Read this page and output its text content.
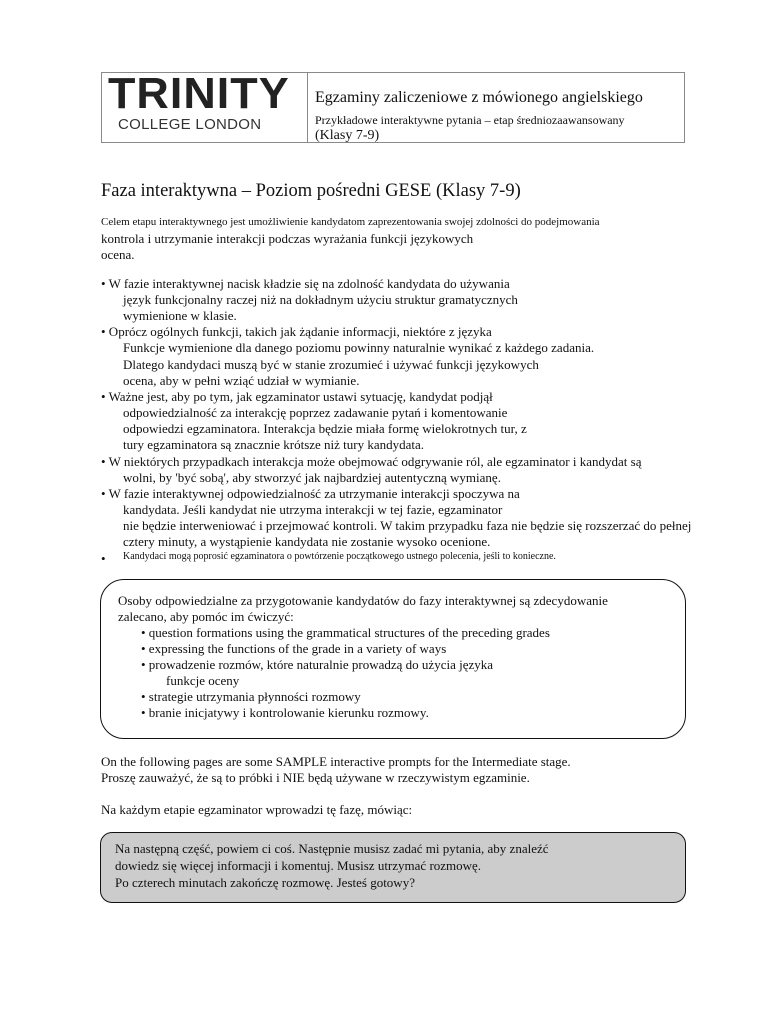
TRINITY
COLLEGE LONDON
Egzaminy zaliczeniowe z mówionego angielskiego
Przykładowe interaktywne pytania – etap średniozaawansowany
(Klasy 7-9)
Faza interaktywna – Poziom pośredni GESE (Klasy 7-9)
Celem etapu interaktywnego jest umożliwienie kandydatom zaprezentowania swojej zdolności do podejmowania
kontrola i utrzymanie interakcji podczas wyrażania funkcji językowych
ocena.
• W fazie interaktywnej nacisk kładzie się na zdolność kandydata do używania
język funkcjonalny raczej niż na dokładnym użyciu struktur gramatycznych
wymienione w klasie.
• Oprócz ogólnych funkcji, takich jak żądanie informacji, niektóre z języka
Funkcje wymienione dla danego poziomu powinny naturalnie wynikać z każdego zadania.
Dlatego kandydaci muszą być w stanie zrozumieć i używać funkcji językowych
ocena, aby w pełni wziąć udział w wymianie.
• Ważne jest, aby po tym, jak egzaminator ustawi sytuację, kandydat podjął
odpowiedzialność za interakcję poprzez zadawanie pytań i komentowanie
odpowiedzi egzaminatora. Interakcja będzie miała formę wielokrotnych tur, z
tury egzaminatora są znacznie krótsze niż tury kandydata.
• W niektórych przypadkach interakcja może obejmować odgrywanie ról, ale egzaminator i kandydat są
wolni, by 'być sobą', aby stworzyć jak najbardziej autentyczną wymianę.
• W fazie interaktywnej odpowiedzialność za utrzymanie interakcji spoczywa na
kandydata. Jeśli kandydat nie utrzyma interakcji w tej fazie, egzaminator
nie będzie interweniować i przejmować kontroli. W takim przypadku faza nie będzie się rozszerzać do pełnej
cztery minuty, a wystąpienie kandydata nie zostanie wysoko ocenione.
• Kandydaci mogą poprosić egzaminatora o powtórzenie początkowego ustnego polecenia, jeśli to konieczne.
Osoby odpowiedzialne za przygotowanie kandydatów do fazy interaktywnej są zdecydowanie
zalecano, aby pomóc im ćwiczyć:
• question formations using the grammatical structures of the preceding grades
• expressing the functions of the grade in a variety of ways
• prowadzenie rozmów, które naturalnie prowadzą do użycia języka
funkcje oceny
• strategie utrzymania płynności rozmowy
• branie inicjatywy i kontrolowanie kierunku rozmowy.
On the following pages are some SAMPLE interactive prompts for the Intermediate stage.
Proszę zauważyć, że są to próbki i NIE będą używane w rzeczywistym egzaminie.
Na każdym etapie egzaminator wprowadzi tę fazę, mówiąc:
Na następną część, powiem ci coś. Następnie musisz zadać mi pytania, aby znaleźć
dowiedz się więcej informacji i komentuj. Musisz utrzymać rozmowę.
Po czterech minutach zakończę rozmowę. Jesteś gotowy?
